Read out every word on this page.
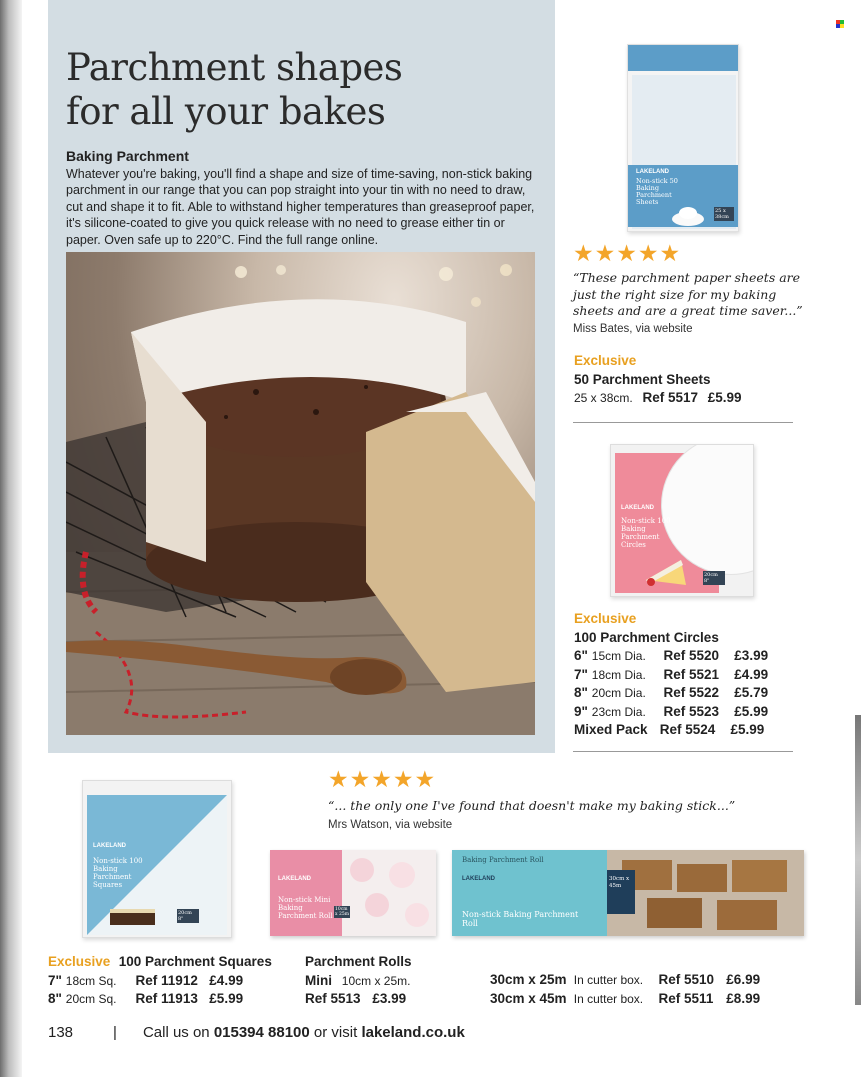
Parchment shapes
for all your bakes
Baking Parchment
Whatever you're baking, you'll find a shape and size of time-saving, non-stick baking parchment in our range that you can pop straight into your tin with no need to draw, cut and shape it to fit. Able to withstand higher temperatures than greaseproof paper, it's silicone-coated to give you quick release with no need to grease either tin or paper. Oven safe up to 220°C. Find the full range online.
LAKELAND
Non-stick 50 Baking Parchment Sheets
25 x 38cm
★★★★★
“These parchment paper sheets are just the right size for my baking sheets and are a great time saver...”
Miss Bates, via website
Exclusive
50 Parchment Sheets
25 x 38cm. Ref 5517 £5.99
LAKELAND
Non-stick 100 Baking Parchment Circles
20cm 8"
Exclusive
100 Parchment Circles
6" 15cm Dia. Ref 5520 £3.99
7" 18cm Dia. Ref 5521 £4.99
8" 20cm Dia. Ref 5522 £5.79
9" 23cm Dia. Ref 5523 £5.99
Mixed Pack Ref 5524 £5.99
★★★★★
“... the only one I've found that doesn't make my baking stick...”
Mrs Watson, via website
LAKELAND
Non-stick 100 Baking Parchment Squares
20cm 8"
LAKELAND
Non-stick Mini Baking Parchment Roll
10cm x 25m
Baking Parchment Roll
30cm x 45m
LAKELAND
Non-stick Baking Parchment Roll
Exclusive 100 Parchment Squares
7" 18cm Sq. Ref 11912 £4.99
8" 20cm Sq. Ref 11913 £5.99
Parchment Rolls
Mini 10cm x 25m.
Ref 5513 £3.99
30cm x 25m In cutter box. Ref 5510 £6.99
30cm x 45m In cutter box. Ref 5511 £8.99
138	| Call us on 015394 88100 or visit lakeland.co.uk
